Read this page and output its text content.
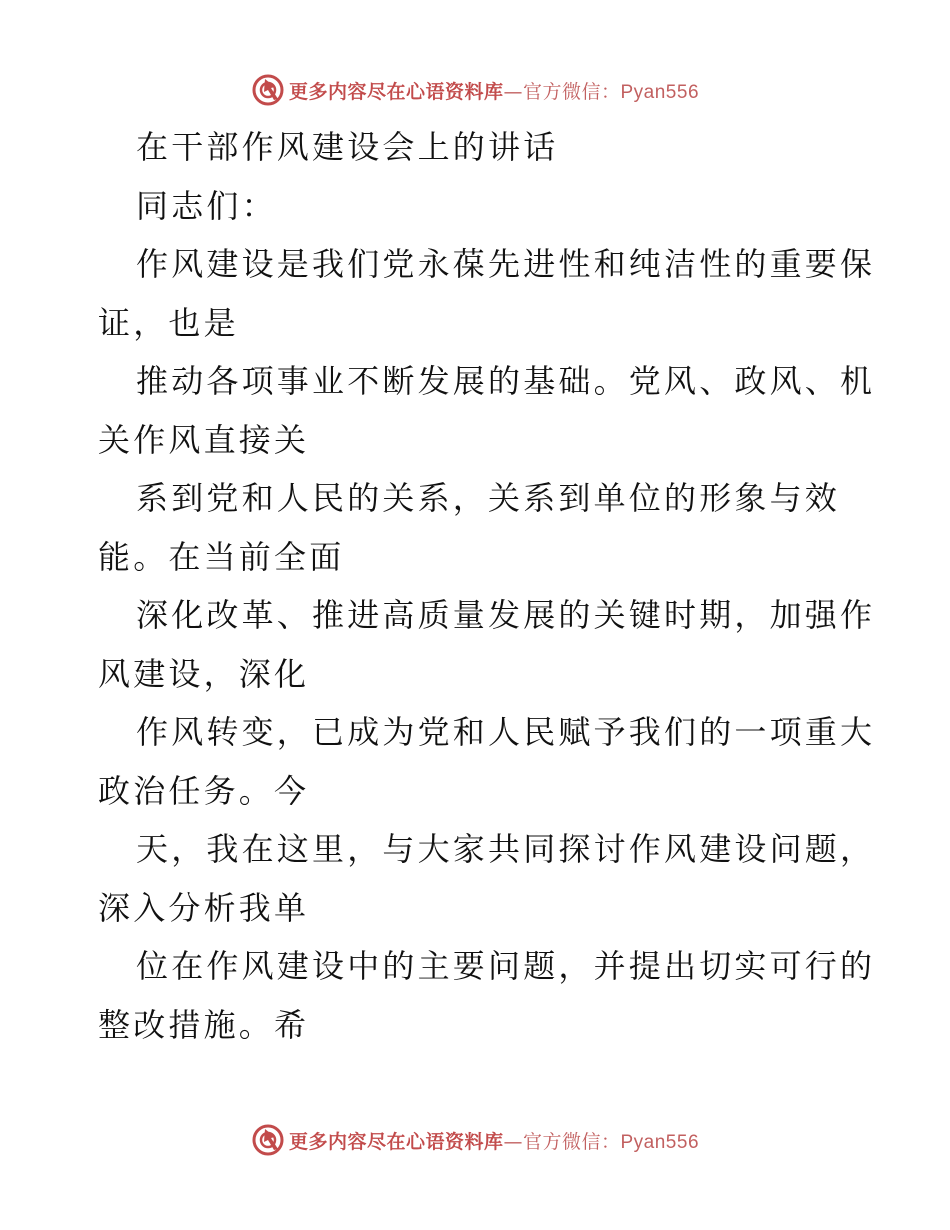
更多内容尽在心语资料库—官方微信：Pyan556
在干部作风建设会上的讲话
同志们：
作风建设是我们党永葆先进性和纯洁性的重要保
证，也是
推动各项事业不断发展的基础。党风、政风、机
关作风直接关
系到党和人民的关系，关系到单位的形象与效
能。在当前全面
深化改革、推进高质量发展的关键时期，加强作
风建设，深化
作风转变，已成为党和人民赋予我们的一项重大
政治任务。今
天，我在这里，与大家共同探讨作风建设问题，
深入分析我单
位在作风建设中的主要问题，并提出切实可行的
整改措施。希
更多内容尽在心语资料库—官方微信：Pyan556
